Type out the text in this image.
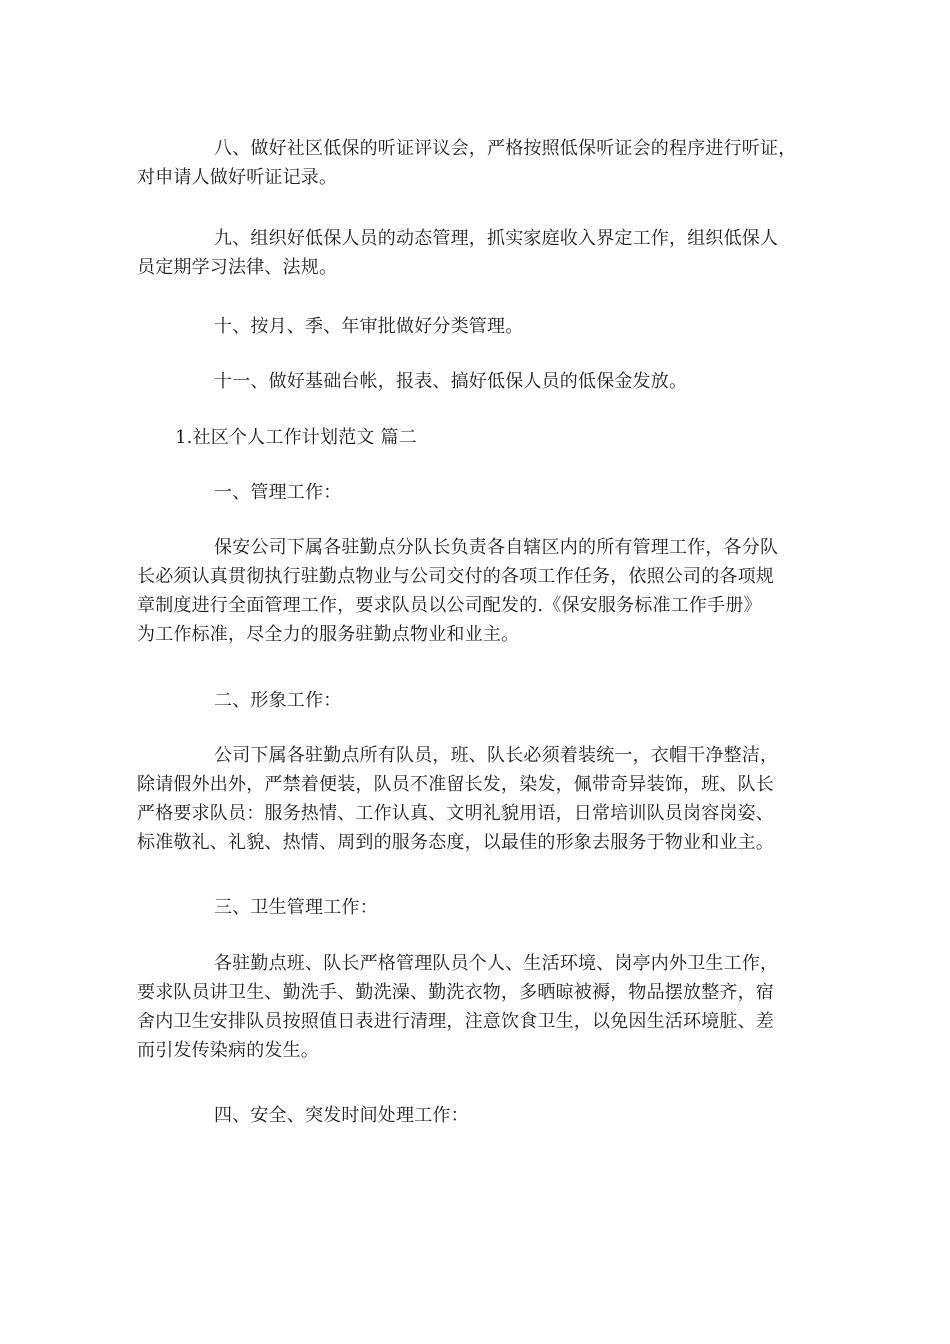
八、做好社区低保的听证评议会，严格按照低保听证会的程序进行听证，
对申请人做好听证记录。

九、组织好低保人员的动态管理，抓实家庭收入界定工作，组织低保人
员定期学习法律、法规。

十、按月、季、年审批做好分类管理。

十一、做好基础台帐，报表、搞好低保人员的低保金发放。

1.社区个人工作计划范文 篇二

一、管理工作：

保安公司下属各驻勤点分队长负责各自辖区内的所有管理工作，各分队
长必须认真贯彻执行驻勤点物业与公司交付的各项工作任务，依照公司的各项规
章制度进行全面管理工作，要求队员以公司配发的.《保安服务标准工作手册》
为工作标准，尽全力的服务驻勤点物业和业主。

二、形象工作：

公司下属各驻勤点所有队员，班、队长必须着装统一，衣帽干净整洁，
除请假外出外，严禁着便装，队员不准留长发，染发，佩带奇异装饰，班、队长
严格要求队员：服务热情、工作认真、文明礼貌用语，日常培训队员岗容岗姿、
标准敬礼、礼貌、热情、周到的服务态度，以最佳的形象去服务于物业和业主。

三、卫生管理工作：

各驻勤点班、队长严格管理队员个人、生活环境、岗亭内外卫生工作，
要求队员讲卫生、勤洗手、勤洗澡、勤洗衣物，多晒晾被褥，物品摆放整齐，宿
舍内卫生安排队员按照值日表进行清理，注意饮食卫生，以免因生活环境脏、差
而引发传染病的发生。

四、安全、突发时间处理工作：
